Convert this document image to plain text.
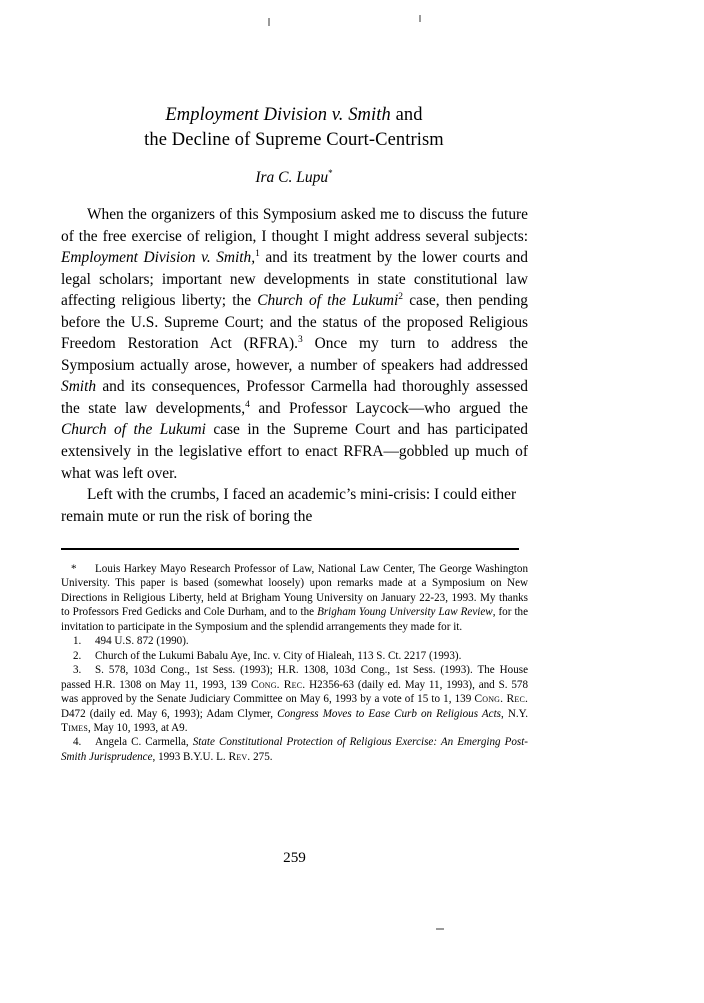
Employment Division v. Smith and
the Decline of Supreme Court-Centrism
Ira C. Lupu*

When the organizers of this Symposium asked me to discuss the future of the free exercise of religion, I thought I might address several subjects: Employment Division v. Smith,$^1$ and its treatment by the lower courts and legal scholars; important new developments in state constitutional law affecting religious liberty; the Church of the Lukumi$^2$ case, then pending before the U.S. Supreme Court; and the status of the proposed Religious Freedom Restoration Act (RFRA).$^3$ Once my turn to address the Symposium actually arose, however, a number of speakers had addressed Smith and its consequences, Professor Carmella had thoroughly assessed the state law developments,$^4$ and Professor Laycock—who argued the Church of the Lukumi case in the Supreme Court and has participated extensively in the legislative effort to enact RFRA—gobbled up much of what was left over.

Left with the crumbs, I faced an academic’s mini-crisis: I could either remain mute or run the risk of boring the

* Louis Harkey Mayo Research Professor of Law, National Law Center, The George Washington University. This paper is based (somewhat loosely) upon remarks made at a Symposium on New Directions in Religious Liberty, held at Brigham Young University on January 22-23, 1993. My thanks to Professors Fred Gedicks and Cole Durham, and to the Brigham Young University Law Review, for the invitation to participate in the Symposium and the splendid arrangements they made for it.

1. 494 U.S. 872 (1990).

2. Church of the Lukumi Babalu Aye, Inc. v. City of Hialeah, 113 S. Ct. 2217 (1993).

3. S. 578, 103d Cong., 1st Sess. (1993); H.R. 1308, 103d Cong., 1st Sess. (1993). The House passed H.R. 1308 on May 11, 1993, 139 Cong. Rec. H2356-63 (daily ed. May 11, 1993), and S. 578 was approved by the Senate Judiciary Committee on May 6, 1993 by a vote of 15 to 1, 139 Cong. Rec. D472 (daily ed. May 6, 1993); Adam Clymer, Congress Moves to Ease Curb on Religious Acts, N.Y. Times, May 10, 1993, at A9.

4. Angela C. Carmella, State Constitutional Protection of Religious Exercise: An Emerging Post-Smith Jurisprudence, 1993 B.Y.U. L. Rev. 275.

259
